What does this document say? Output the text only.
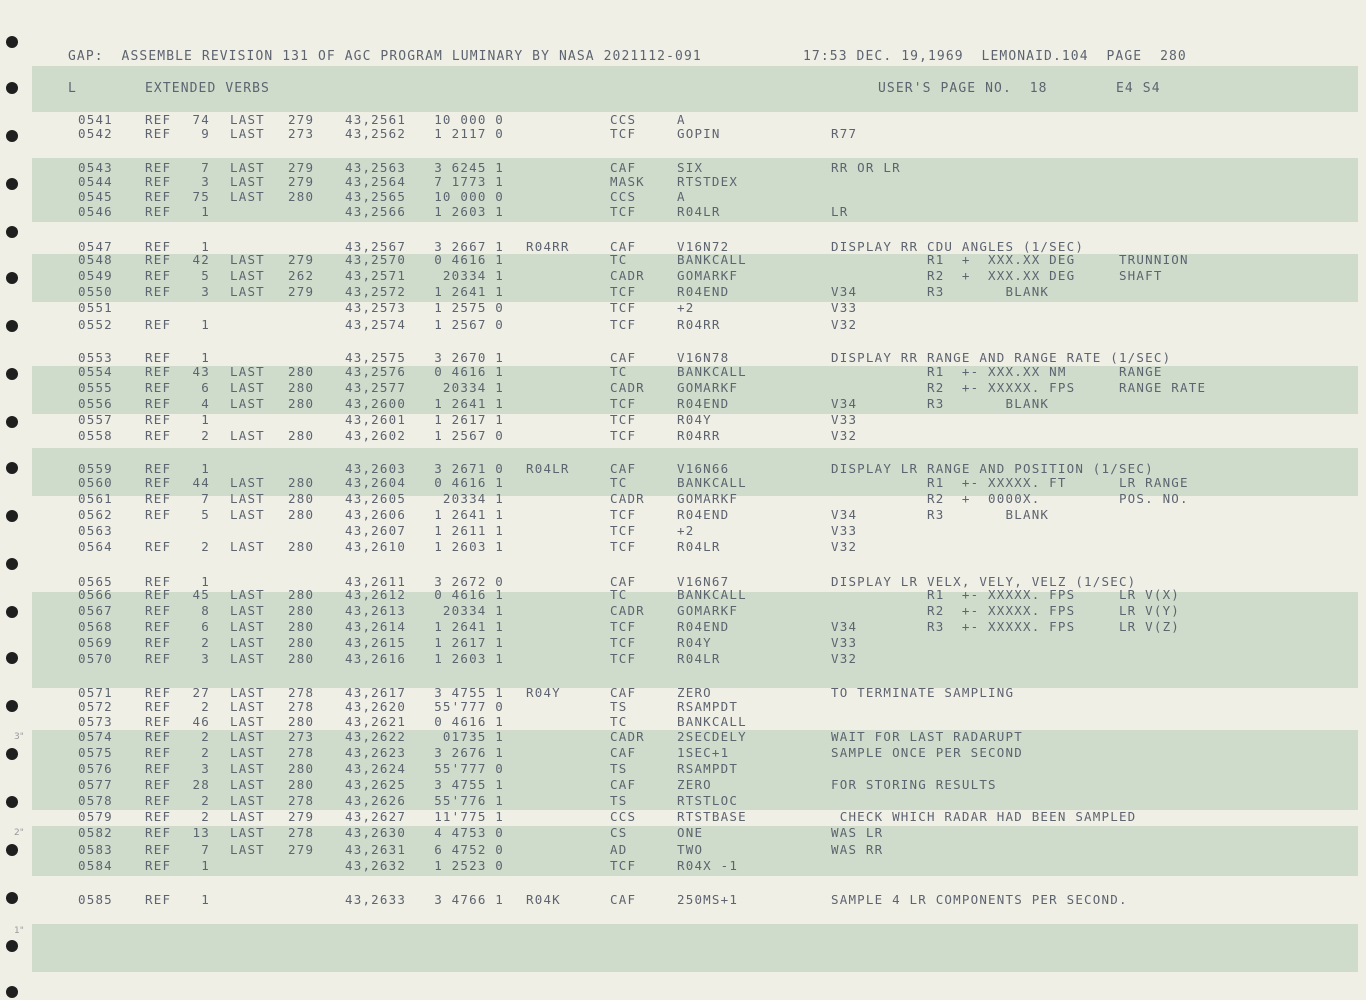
3"
2"
1"
GAP:  ASSEMBLE REVISION 131 OF AGC PROGRAM LUMINARY BY NASA 2021112-091	17:53 DEC. 19,1969  LEMONAID.104  PAGE  280
L	EXTENDED VERBS	USER'S PAGE NO.  18	E4 S4
0541	REF 74 LAST 279 43,2561 10 000 0	CCS	A
0542	REF 9 LAST 273 43,2562 1 2117 0	TCF	GOPIN	R77
0543	REF 7 LAST 279 43,2563 3 6245 1	CAF	SIX	RR OR LR
0544	REF 3 LAST 279 43,2564 7 1773 1	MASK	RTSTDEX
0545	REF 75 LAST 280 43,2565 10 000 0	CCS	A
0546	REF 1	43,2566 1 2603 1	TCF	R04LR	LR
0547	REF 1	43,2567 3 2667 1 R04RR	CAF	V16N72	DISPLAY RR CDU ANGLES (1/SEC)
0548	REF 42 LAST 279 43,2570 0 4616 1	TC	BANKCALL	R1  +  XXX.XX DEG     TRUNNION
0549	REF 5 LAST 262 43,2571	20334 1	CADR	GOMARKF	R2  +  XXX.XX DEG     SHAFT
0550	REF 3 LAST 279 43,2572 1 2641 1	TCF	R04END	V34        R3       BLANK
0551	43,2573 1 2575 0	TCF	+2	V33
0552	REF 1	43,2574 1 2567 0	TCF	R04RR	V32
0553	REF 1	43,2575 3 2670 1	CAF	V16N78	DISPLAY RR RANGE AND RANGE RATE (1/SEC)
0554	REF 43 LAST 280 43,2576 0 4616 1	TC	BANKCALL	R1  +- XXX.XX NM      RANGE
0555	REF 6 LAST 280 43,2577	20334 1	CADR	GOMARKF	R2  +- XXXXX. FPS     RANGE RATE
0556	REF 4 LAST 280 43,2600 1 2641 1	TCF	R04END	V34        R3       BLANK
0557	REF 1	43,2601 1 2617 1	TCF	R04Y	V33
0558	REF 2 LAST 280 43,2602 1 2567 0	TCF	R04RR	V32
0559	REF 1	43,2603 3 2671 0 R04LR	CAF	V16N66	DISPLAY LR RANGE AND POSITION (1/SEC)
0560	REF 44 LAST 280 43,2604 0 4616 1	TC	BANKCALL	R1  +- XXXXX. FT      LR RANGE
0561	REF 7 LAST 280 43,2605	20334 1	CADR	GOMARKF	R2  +  0000X.         POS. NO.
0562	REF 5 LAST 280 43,2606 1 2641 1	TCF	R04END	V34        R3       BLANK
0563	43,2607 1 2611 1	TCF	+2	V33
0564	REF 2 LAST 280 43,2610 1 2603 1	TCF	R04LR	V32
0565	REF 1	43,2611 3 2672 0	CAF	V16N67	DISPLAY LR VELX, VELY, VELZ (1/SEC)
0566	REF 45 LAST 280 43,2612 0 4616 1	TC	BANKCALL	R1  +- XXXXX. FPS     LR V(X)
0567	REF 8 LAST 280 43,2613	20334 1	CADR	GOMARKF	R2  +- XXXXX. FPS     LR V(Y)
0568	REF 6 LAST 280 43,2614 1 2641 1	TCF	R04END	V34        R3  +- XXXXX. FPS     LR V(Z)
0569	REF 2 LAST 280 43,2615 1 2617 1	TCF	R04Y	V33
0570	REF 3 LAST 280 43,2616 1 2603 1	TCF	R04LR	V32
0571	REF 27 LAST 278 43,2617 3 4755 1 R04Y	CAF	ZERO	TO TERMINATE SAMPLING
0572	REF 2 LAST 278 43,2620 55'777 0	TS	RSAMPDT
0573	REF 46 LAST 280 43,2621 0 4616 1	TC	BANKCALL
0574	REF 2 LAST 273 43,2622	01735 1	CADR	2SECDELY	WAIT FOR LAST RADARUPT
0575	REF 2 LAST 278 43,2623 3 2676 1	CAF	1SEC+1	SAMPLE ONCE PER SECOND
0576	REF 3 LAST 280 43,2624 55'777 0	TS	RSAMPDT
0577	REF 28 LAST 280 43,2625 3 4755 1	CAF	ZERO	FOR STORING RESULTS
0578	REF 2 LAST 278 43,2626 55'776 1	TS	RTSTLOC
0579	REF 2 LAST 279 43,2627 11'775 1	CCS	RTSTBASE	CHECK WHICH RADAR HAD BEEN SAMPLED
0582	REF 13 LAST 278 43,2630 4 4753 0	CS	ONE	WAS LR
0583	REF 7 LAST 279 43,2631 6 4752 0	AD	TWO	WAS RR
0584	REF 1	43,2632 1 2523 0	TCF	R04X -1
0585	REF 1	43,2633 3 4766 1 R04K	CAF	250MS+1	SAMPLE 4 LR COMPONENTS PER SECOND.
